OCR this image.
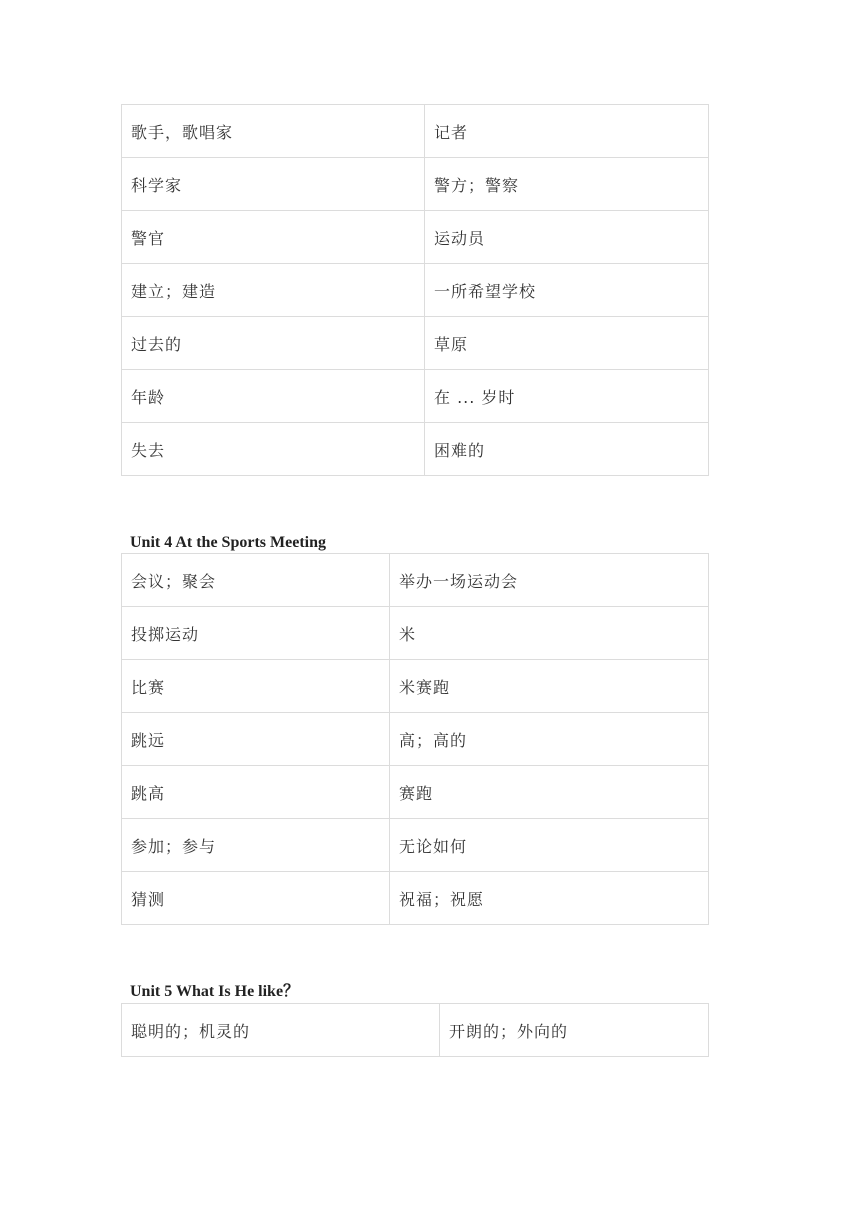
歌手，歌唱家	记者
科学家	警方；警察
警官	运动员
建立；建造	一所希望学校
过去的	草原
年龄	在 ... 岁时
失去	困难的
Unit 4 At the Sports Meeting
会议；聚会	举办一场运动会
投掷运动	米
比赛	米赛跑
跳远	高；高的
跳高	赛跑
参加；参与	无论如何
猜测	祝福；祝愿
Unit 5 What Is He like？
聪明的；机灵的	开朗的；外向的
